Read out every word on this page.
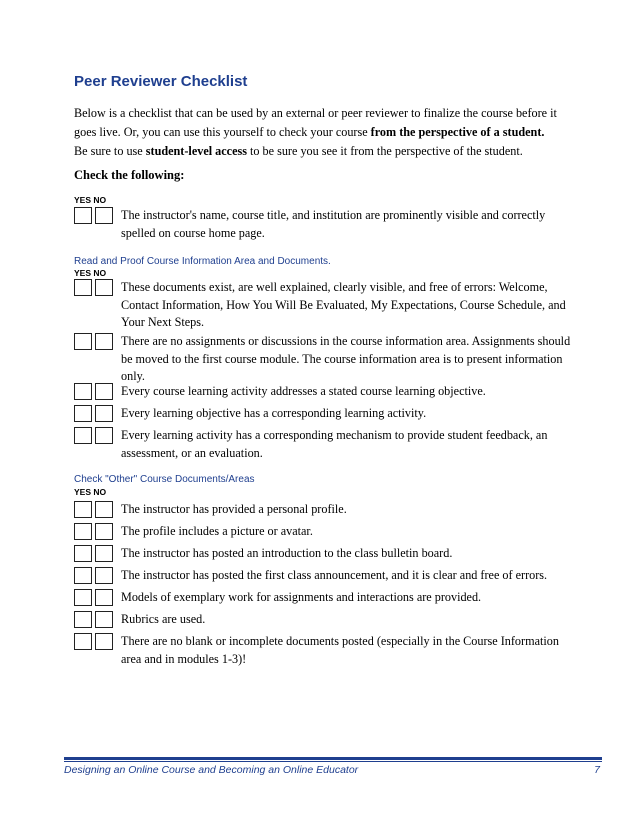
Peer Reviewer Checklist

Below is a checklist that can be used by an external or peer reviewer to finalize the course before it

goes live. Or, you can use this yourself to check your course from the perspective of a student.

Be sure to use student-level access to be sure you see it from the perspective of the student.

Check the following:
YES NO
The instructor's name, course title, and institution are prominently visible and correctly spelled on course home page.
Read and Proof Course Information Area and Documents.
YES NO
These documents exist, are well explained, clearly visible, and free of errors: Welcome, Contact Information, How You Will Be Evaluated, My Expectations, Course Schedule, and Your Next Steps.
There are no assignments or discussions in the course information area. Assignments should be moved to the first course module. The course information area is to present information only.
Every course learning activity addresses a stated course learning objective.
Every learning objective has a corresponding learning activity.
Every learning activity has a corresponding mechanism to provide student feedback, an assessment, or an evaluation.
Check "Other" Course Documents/Areas
YES NO
The instructor has provided a personal profile.
The profile includes a picture or avatar.
The instructor has posted an introduction to the class bulletin board.
The instructor has posted the first class announcement, and it is clear and free of errors.
Models of exemplary work for assignments and interactions are provided.
Rubrics are used.
There are no blank or incomplete documents posted (especially in the Course Information area and in modules 1-3)!
Designing an Online Course and Becoming an Online Educator	7
